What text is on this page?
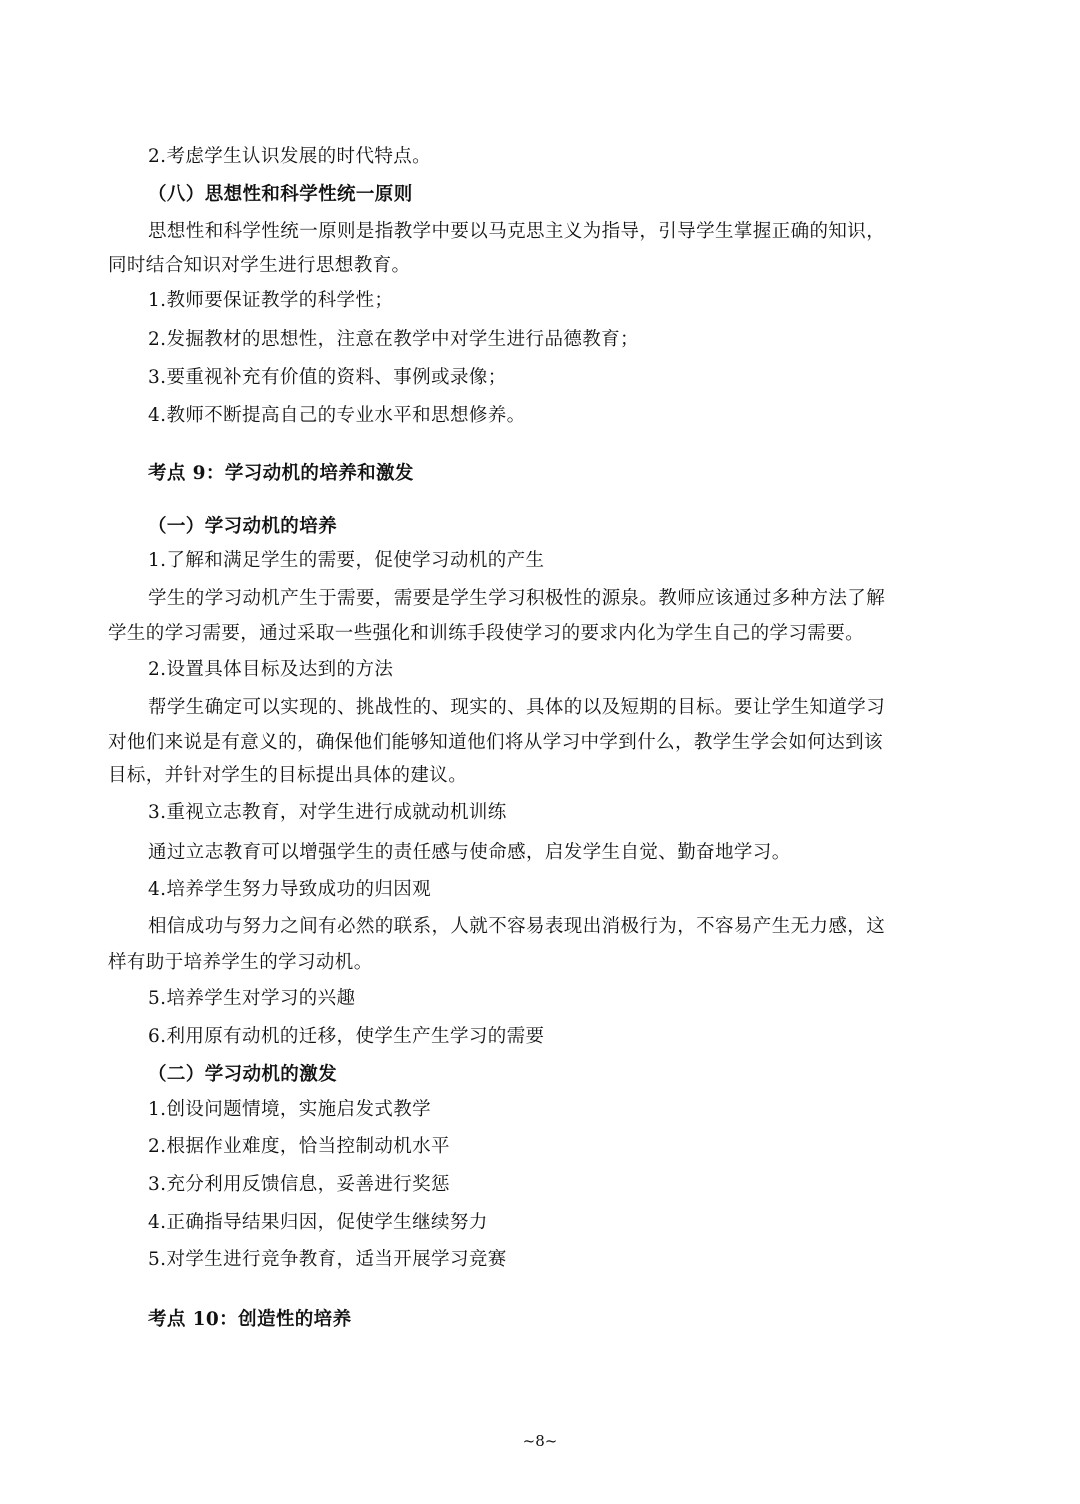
2.考虑学生认识发展的时代特点。
（八）思想性和科学性统一原则
思想性和科学性统一原则是指教学中要以马克思主义为指导，引导学生掌握正确的知识，
同时结合知识对学生进行思想教育。
1.教师要保证教学的科学性；
2.发掘教材的思想性，注意在教学中对学生进行品德教育；
3.要重视补充有价值的资料、事例或录像；
4.教师不断提高自己的专业水平和思想修养。
考点 9：学习动机的培养和激发
（一）学习动机的培养
1.了解和满足学生的需要，促使学习动机的产生
学生的学习动机产生于需要，需要是学生学习积极性的源泉。教师应该通过多种方法了解
学生的学习需要，通过采取一些强化和训练手段使学习的要求内化为学生自己的学习需要。
2.设置具体目标及达到的方法
帮学生确定可以实现的、挑战性的、现实的、具体的以及短期的目标。要让学生知道学习
对他们来说是有意义的，确保他们能够知道他们将从学习中学到什么，教学生学会如何达到该
目标，并针对学生的目标提出具体的建议。
3.重视立志教育，对学生进行成就动机训练
通过立志教育可以增强学生的责任感与使命感，启发学生自觉、勤奋地学习。
4.培养学生努力导致成功的归因观
相信成功与努力之间有必然的联系，人就不容易表现出消极行为，不容易产生无力感，这
样有助于培养学生的学习动机。
5.培养学生对学习的兴趣
6.利用原有动机的迁移，使学生产生学习的需要
（二）学习动机的激发
1.创设问题情境，实施启发式教学
2.根据作业难度，恰当控制动机水平
3.充分利用反馈信息，妥善进行奖惩
4.正确指导结果归因，促使学生继续努力
5.对学生进行竞争教育，适当开展学习竞赛
考点 10：创造性的培养
~8~
